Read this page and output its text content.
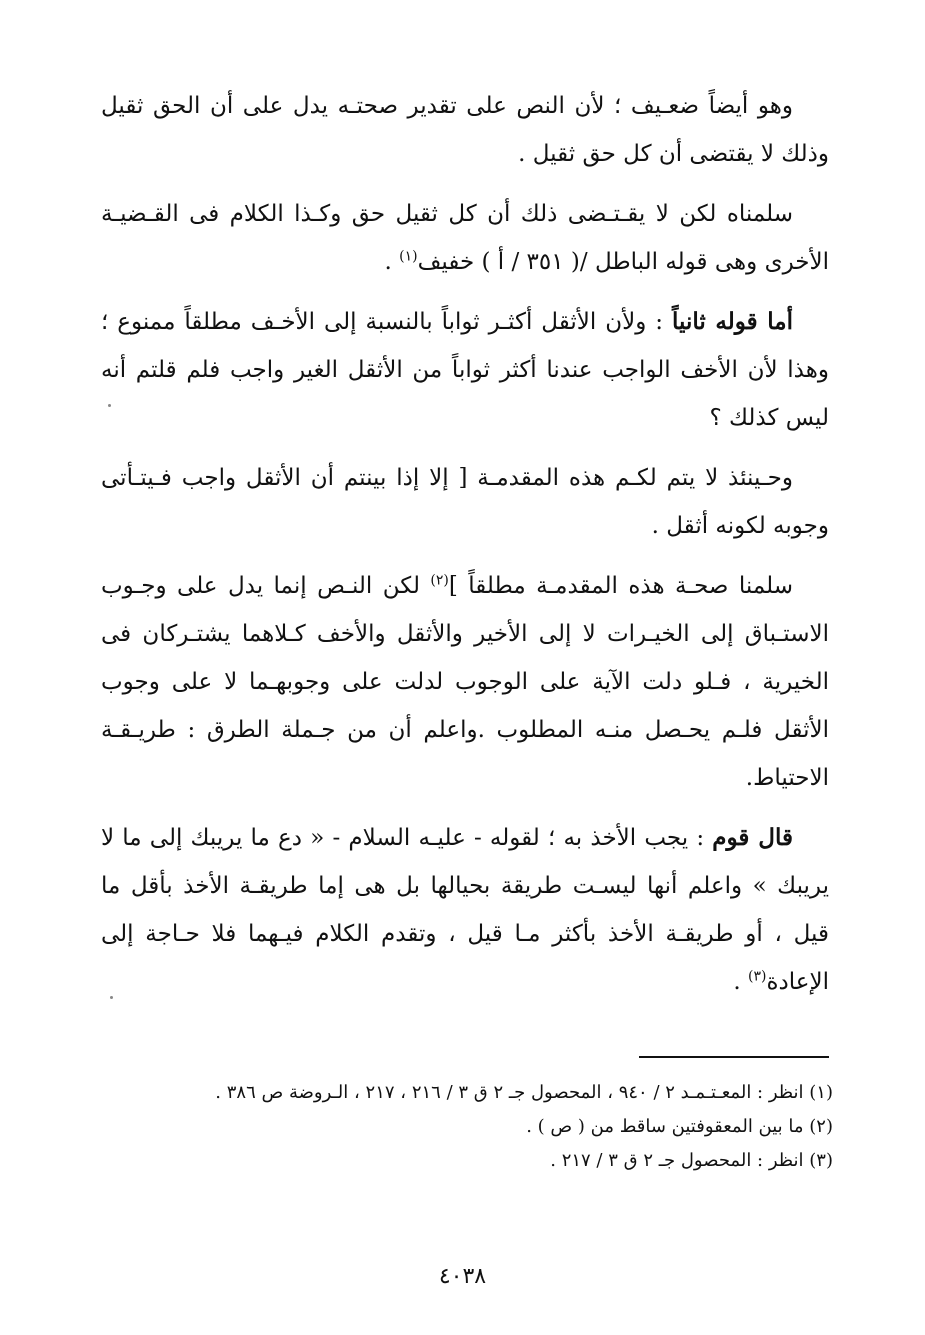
وهو أيضاً ضعـيف ؛ لأن النص على تقدير صحتـه يدل على أن الحق ثقيل وذلك لا يقتضى أن كل حق ثقيل .

سلمناه لكن لا يقـتـضى ذلك أن كل ثقيل حق وكـذا الكلام فى القـضيـة الأخرى وهى قوله الباطل /( ٣٥١ / أ ) خفيف$^{(١)}$ .

أما قوله ثانياً : ولأن الأثقل أكثـر ثواباً بالنسبة إلى الأخـف مطلقاً ممنوع ؛ وهذا لأن الأخف الواجب عندنا أكثر ثواباً من الأثقل الغير واجب فلم قلتم أنه ليس كذلك ؟

وحـينئذ لا يتم لكـم هذه المقدمـة [ إلا إذا بينتم أن الأثقل واجب فـيتـأتى وجوبه لكونه أثقل .

سلمنا صحـة هذه المقدمـة مطلقاً ]$^{(٢)}$ لكن النـص إنما يدل على وجـوب الاستـباق إلى الخيـرات لا إلى الأخير والأثقل والأخف كـلاهما يشتـركان فى الخيرية ، فـلو دلت الآية على الوجوب لدلت على وجوبهـما لا على وجوب الأثقل فلـم يحـصل منـه المطلوب .واعلم أن من جـملة الطرق : طريـقـة الاحتياط.

قال قوم : يجب الأخذ به ؛ لقوله - عليـه السلام - « دع ما يريبك إلى ما لا يريبك » واعلم أنها ليسـت طريقة بحيالها بل هى إما طريقـة الأخذ بأقل ما قيل ، أو طريقـة الأخذ بأكثر مـا قيل ، وتقدم الكلام فيـهما فلا حـاجة إلى الإعادة$^{(٣)}$ .

(١) انظر : المعـتـمـد ٢ / ٩٤٠ ، المحصول جـ ٢ ق ٣ / ٢١٦ ، ٢١٧ ، الـروضة ص ٣٨٦ .

(٢) ما بين المعقوفتين ساقط من ( ص ) .

(٣) انظر : المحصول جـ ٢ ق ٣ / ٢١٧ .

٤٠٣٨
